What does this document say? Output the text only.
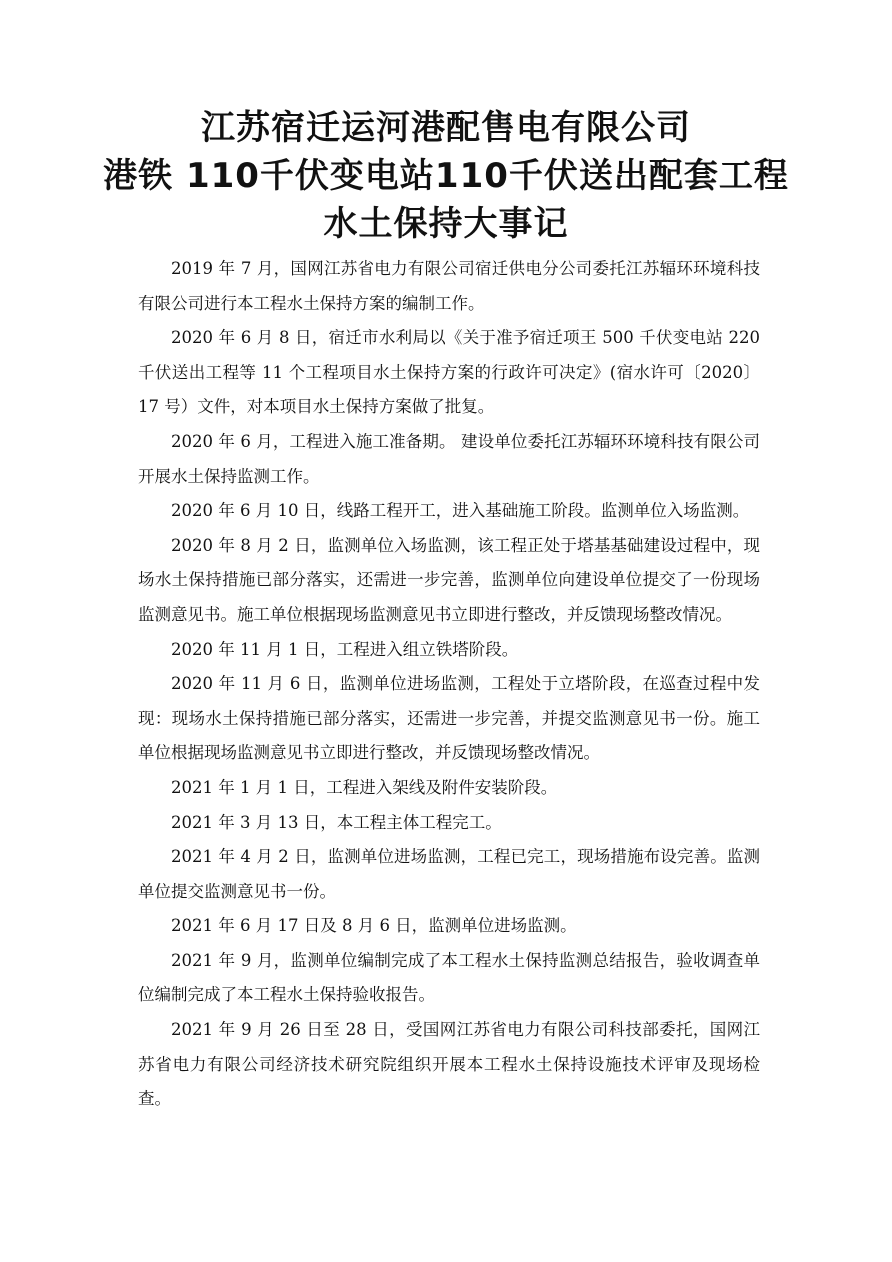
江苏宿迁运河港配售电有限公司
港铁 110千伏变电站110千伏送出配套工程
水土保持大事记

2019 年 7 月，国网江苏省电力有限公司宿迁供电分公司委托江苏辐环环境科技有限公司进行本工程水土保持方案的编制工作。

2020 年 6 月 8 日，宿迁市水利局以《关于准予宿迁项王 500 千伏变电站 220 千伏送出工程等 11 个工程项目水土保持方案的行政许可决定》(宿水许可〔2020〕17 号）文件，对本项目水土保持方案做了批复。

2020 年 6 月，工程进入施工准备期。 建设单位委托江苏辐环环境科技有限公司开展水土保持监测工作。

2020 年 6 月 10 日，线路工程开工，进入基础施工阶段。监测单位入场监测。

2020 年 8 月 2 日，监测单位入场监测，该工程正处于塔基基础建设过程中，现场水土保持措施已部分落实，还需进一步完善，监测单位向建设单位提交了一份现场监测意见书。施工单位根据现场监测意见书立即进行整改，并反馈现场整改情况。

2020 年 11 月 1 日，工程进入组立铁塔阶段。

2020 年 11 月 6 日，监测单位进场监测，工程处于立塔阶段，在巡查过程中发现：现场水土保持措施已部分落实，还需进一步完善，并提交监测意见书一份。施工单位根据现场监测意见书立即进行整改，并反馈现场整改情况。

2021 年 1 月 1 日，工程进入架线及附件安装阶段。

2021 年 3 月 13 日，本工程主体工程完工。

2021 年 4 月 2 日，监测单位进场监测，工程已完工，现场措施布设完善。监测单位提交监测意见书一份。

2021 年 6 月 17 日及 8 月 6 日，监测单位进场监测。

2021 年 9 月，监测单位编制完成了本工程水土保持监测总结报告，验收调查单位编制完成了本工程水土保持验收报告。

2021 年 9 月 26 日至 28 日，受国网江苏省电力有限公司科技部委托，国网江苏省电力有限公司经济技术研究院组织开展本工程水土保持设施技术评审及现场检查。
